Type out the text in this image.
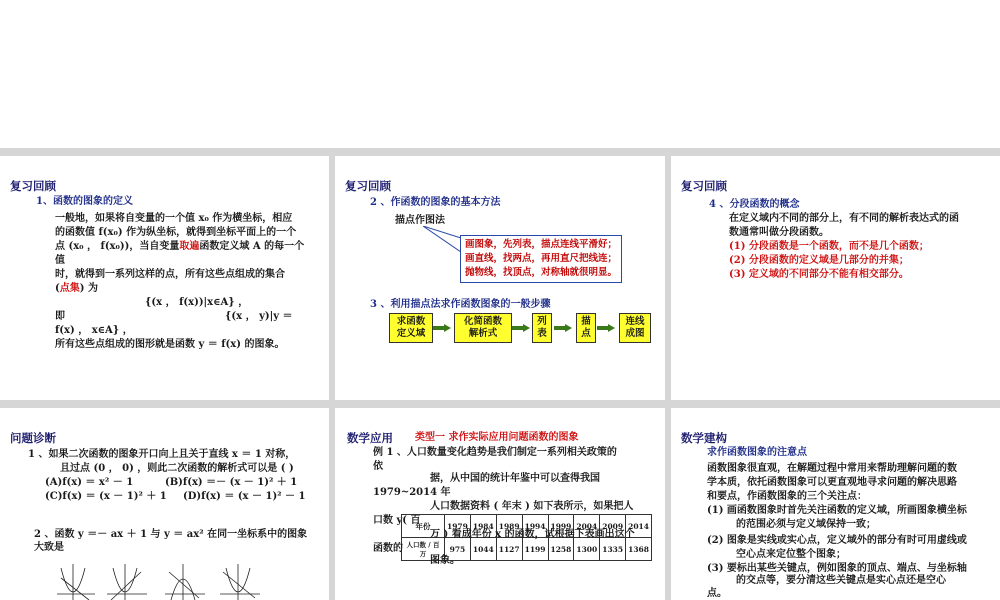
复习回顾
1、函数的图象的定义
一般地，如果将自变量的一个值 x₀ 作为横坐标，相应
的函数值 f(x₀) 作为纵坐标，就得到坐标平面上的一个
点 (x₀ ， f(x₀))，当自变量取遍函数定义域 A 的每一个
值
时，就得到一系列这样的点，所有这些点组成的集合
(点集) 为
{(x ， f(x))|x∈A} ，
即	{(x ， y)|y ＝
f(x) ， x∈A} ，
所有这些点组成的图形就是函数 y ＝ f(x) 的图象。
复习回顾
2 、作函数的图象的基本方法
描点作图法
画图象，先列表，描点连线平滑好；
画直线，找两点，再用直尺把线连；
抛物线，找顶点，对称轴就很明显。
3 、利用描点法求作函数图象的一般步骤
求函数
定义域
化简函数
解析式
列
表
描
点
连线
成图
复习回顾
4 、分段函数的概念
在定义域内不同的部分上，有不同的解析表达式的函
数通常叫做分段函数。
(1) 分段函数是一个函数，而不是几个函数；
(2) 分段函数的定义域是几部分的并集；
(3) 定义域的不同部分不能有相交部分。
问题诊断
1 、如果二次函数的图象开口向上且关于直线 x ＝ 1 对称，
且过点 (0 ， 0) ，则此二次函数的解析式可以是 ( )
(A)f(x) ＝ x² － 1	(B)f(x) ＝－ (x － 1)² ＋ 1
(C)f(x) ＝ (x － 1)² ＋ 1 (D)f(x) ＝ (x － 1)² － 1
2 、函数 y ＝－ ax ＋ 1 与 y ＝ ax² 在同一坐标系中的图象
大致是
数学应用 类型一 求作实际应用问题函数的图象
例 1 、人口数量变化趋势是我们制定一系列相关政策的
依
据，从中国的统计年鉴中可以查得我国
1979~2014 年
人口数据资料 ( 年末 ) 如下表所示，如果把人
口数 y( 百
年份	1979	1984	1989	1994	1999	2004	2009	2014
人口数 / 百万	975	1044	1127	1199	1258	1300	1335	1368
万 ) 看成年份 x 的函数，试根据下表画出这个
函数的
图象。
数学建构
求作函数图象的注意点
函数图象很直观，在解题过程中常用来帮助理解问题的数
学本质，依托函数图象可以更直观地寻求问题的解决思路
和要点，作函数图象的三个关注点：
(1) 画函数图象时首先关注函数的定义域，所画图象横坐标
的范围必须与定义域保持一致；
(2) 图象是实线或实心点，定义域外的部分有时可用虚线或
空心点来定位整个图象；
(3) 要标出某些关键点，例如图象的顶点、端点、与坐标轴
的交点等，要分清这些关键点是实心点还是空心
点。
